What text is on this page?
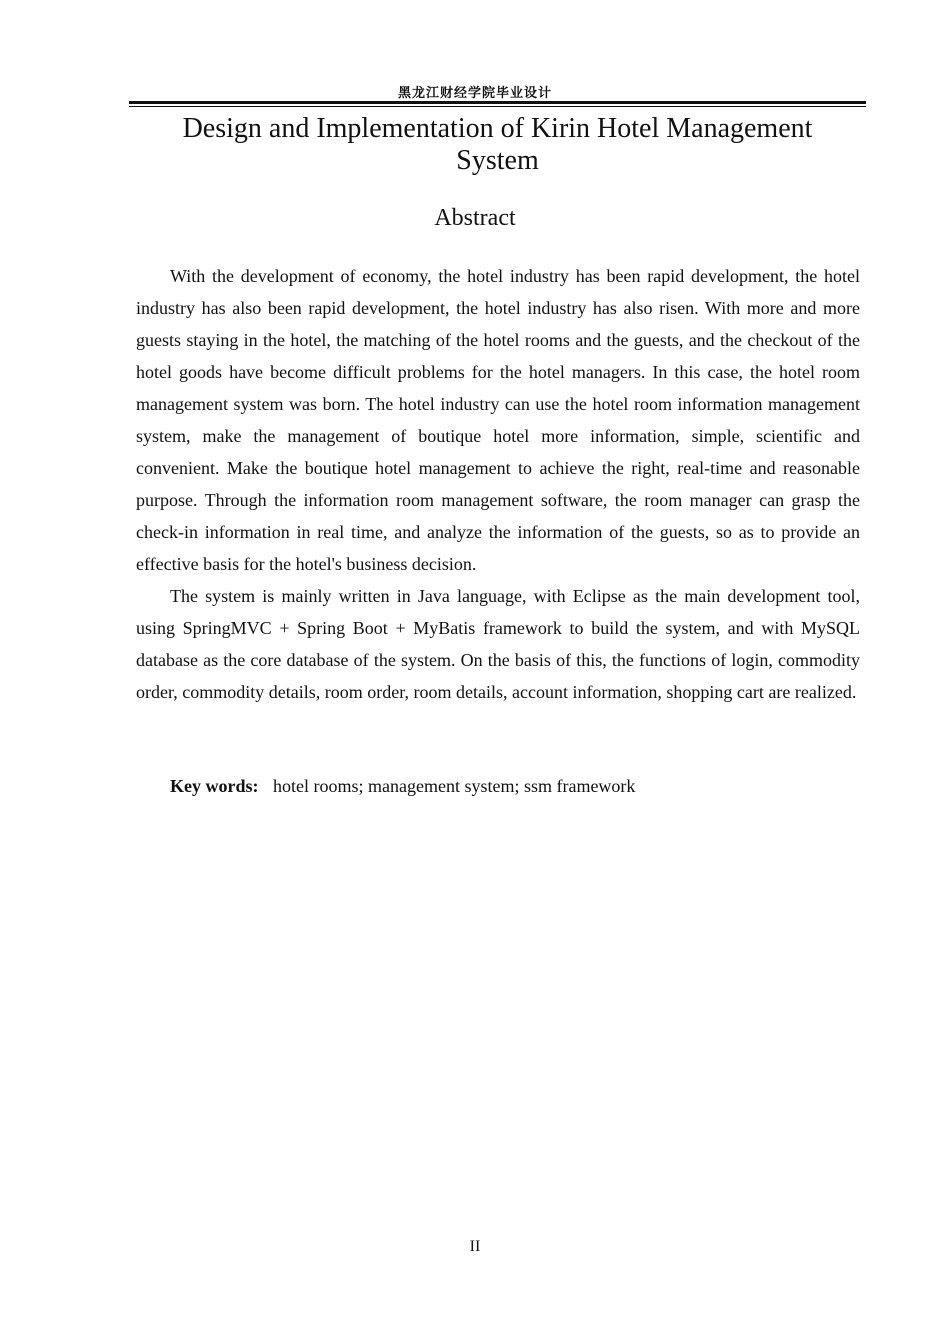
黑龙江财经学院毕业设计
Design and Implementation of Kirin Hotel Management System
Abstract

With the development of economy, the hotel industry has been rapid development, the hotel industry has also been rapid development, the hotel industry has also risen. With more and more guests staying in the hotel, the matching of the hotel rooms and the guests, and the checkout of the hotel goods have become difficult problems for the hotel managers. In this case, the hotel room management system was born. The hotel industry can use the hotel room information management system, make the management of boutique hotel more information, simple, scientific and convenient. Make the boutique hotel management to achieve the right, real-time and reasonable purpose. Through the information room management software, the room manager can grasp the check-in information in real time, and analyze the information of the guests, so as to provide an effective basis for the hotel's business decision.

The system is mainly written in Java language, with Eclipse as the main development tool, using SpringMVC + Spring Boot + MyBatis framework to build the system, and with MySQL database as the core database of the system. On the basis of this, the functions of login, commodity order, commodity details, room order, room details, account information, shopping cart are realized.

Key words: hotel rooms; management system; ssm framework
II
